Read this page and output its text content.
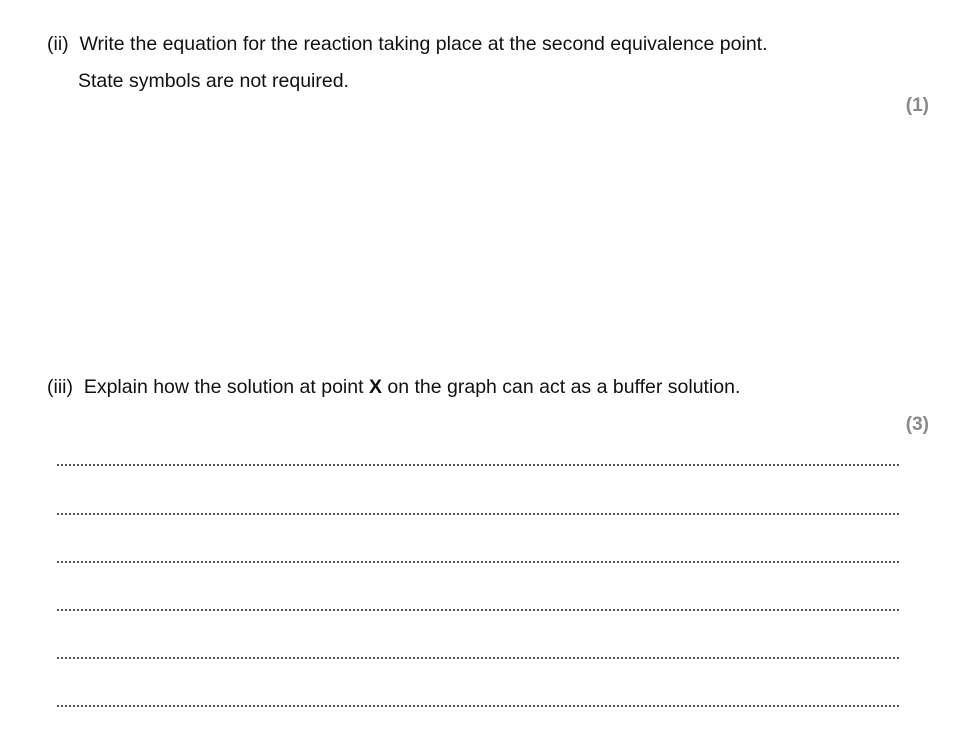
(ii) Write the equation for the reaction taking place at the second equivalence point.
State symbols are not required.
(1)
(iii) Explain how the solution at point X on the graph can act as a buffer solution.
(3)
